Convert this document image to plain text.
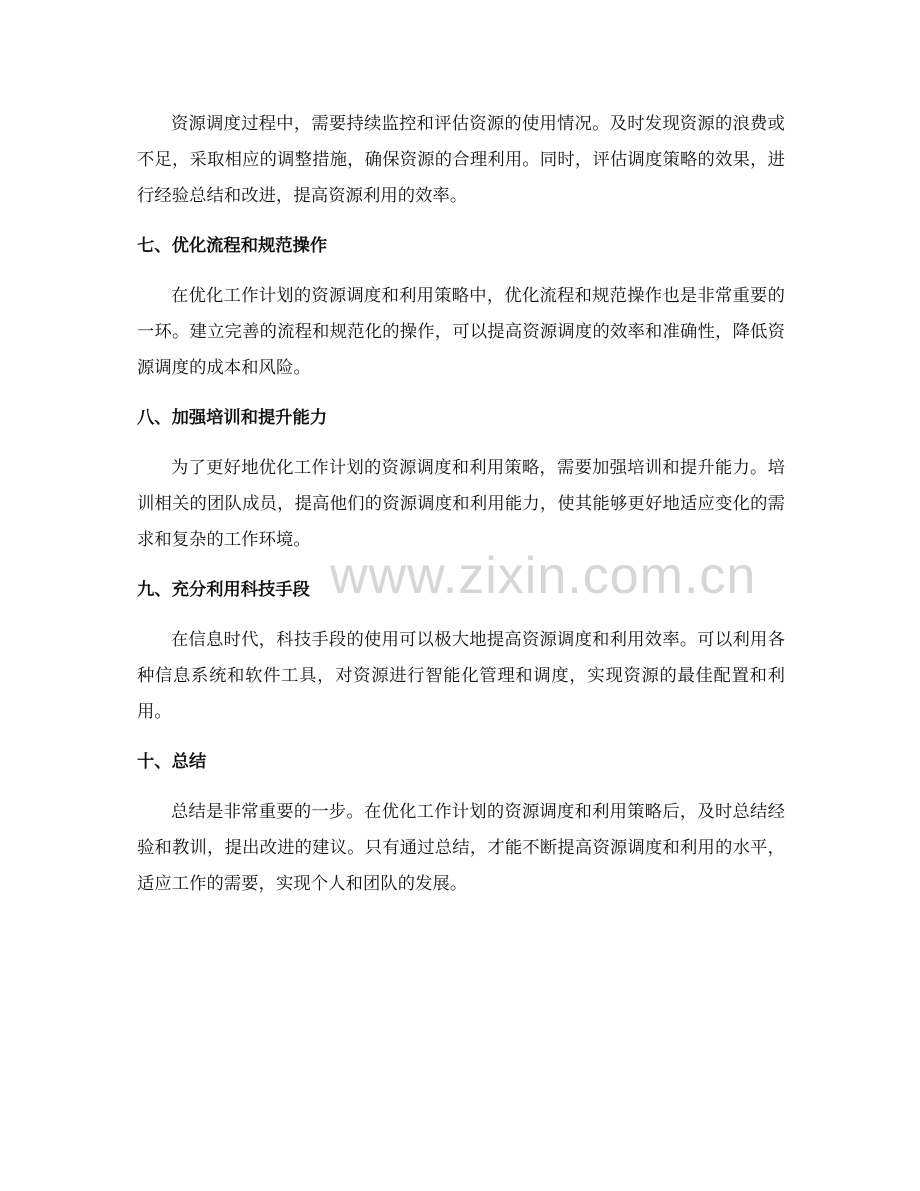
资源调度过程中，需要持续监控和评估资源的使用情况。及时发现资源的浪费或不足，采取相应的调整措施，确保资源的合理利用。同时，评估调度策略的效果，进行经验总结和改进，提高资源利用的效率。

七、优化流程和规范操作

在优化工作计划的资源调度和利用策略中，优化流程和规范操作也是非常重要的一环。建立完善的流程和规范化的操作，可以提高资源调度的效率和准确性，降低资源调度的成本和风险。

八、加强培训和提升能力

为了更好地优化工作计划的资源调度和利用策略，需要加强培训和提升能力。培训相关的团队成员，提高他们的资源调度和利用能力，使其能够更好地适应变化的需求和复杂的工作环境。

九、充分利用科技手段

在信息时代，科技手段的使用可以极大地提高资源调度和利用效率。可以利用各种信息系统和软件工具，对资源进行智能化管理和调度，实现资源的最佳配置和利用。

十、总结

总结是非常重要的一步。在优化工作计划的资源调度和利用策略后，及时总结经验和教训，提出改进的建议。只有通过总结，才能不断提高资源调度和利用的水平，适应工作的需要，实现个人和团队的发展。

www.zixin.com.cn
